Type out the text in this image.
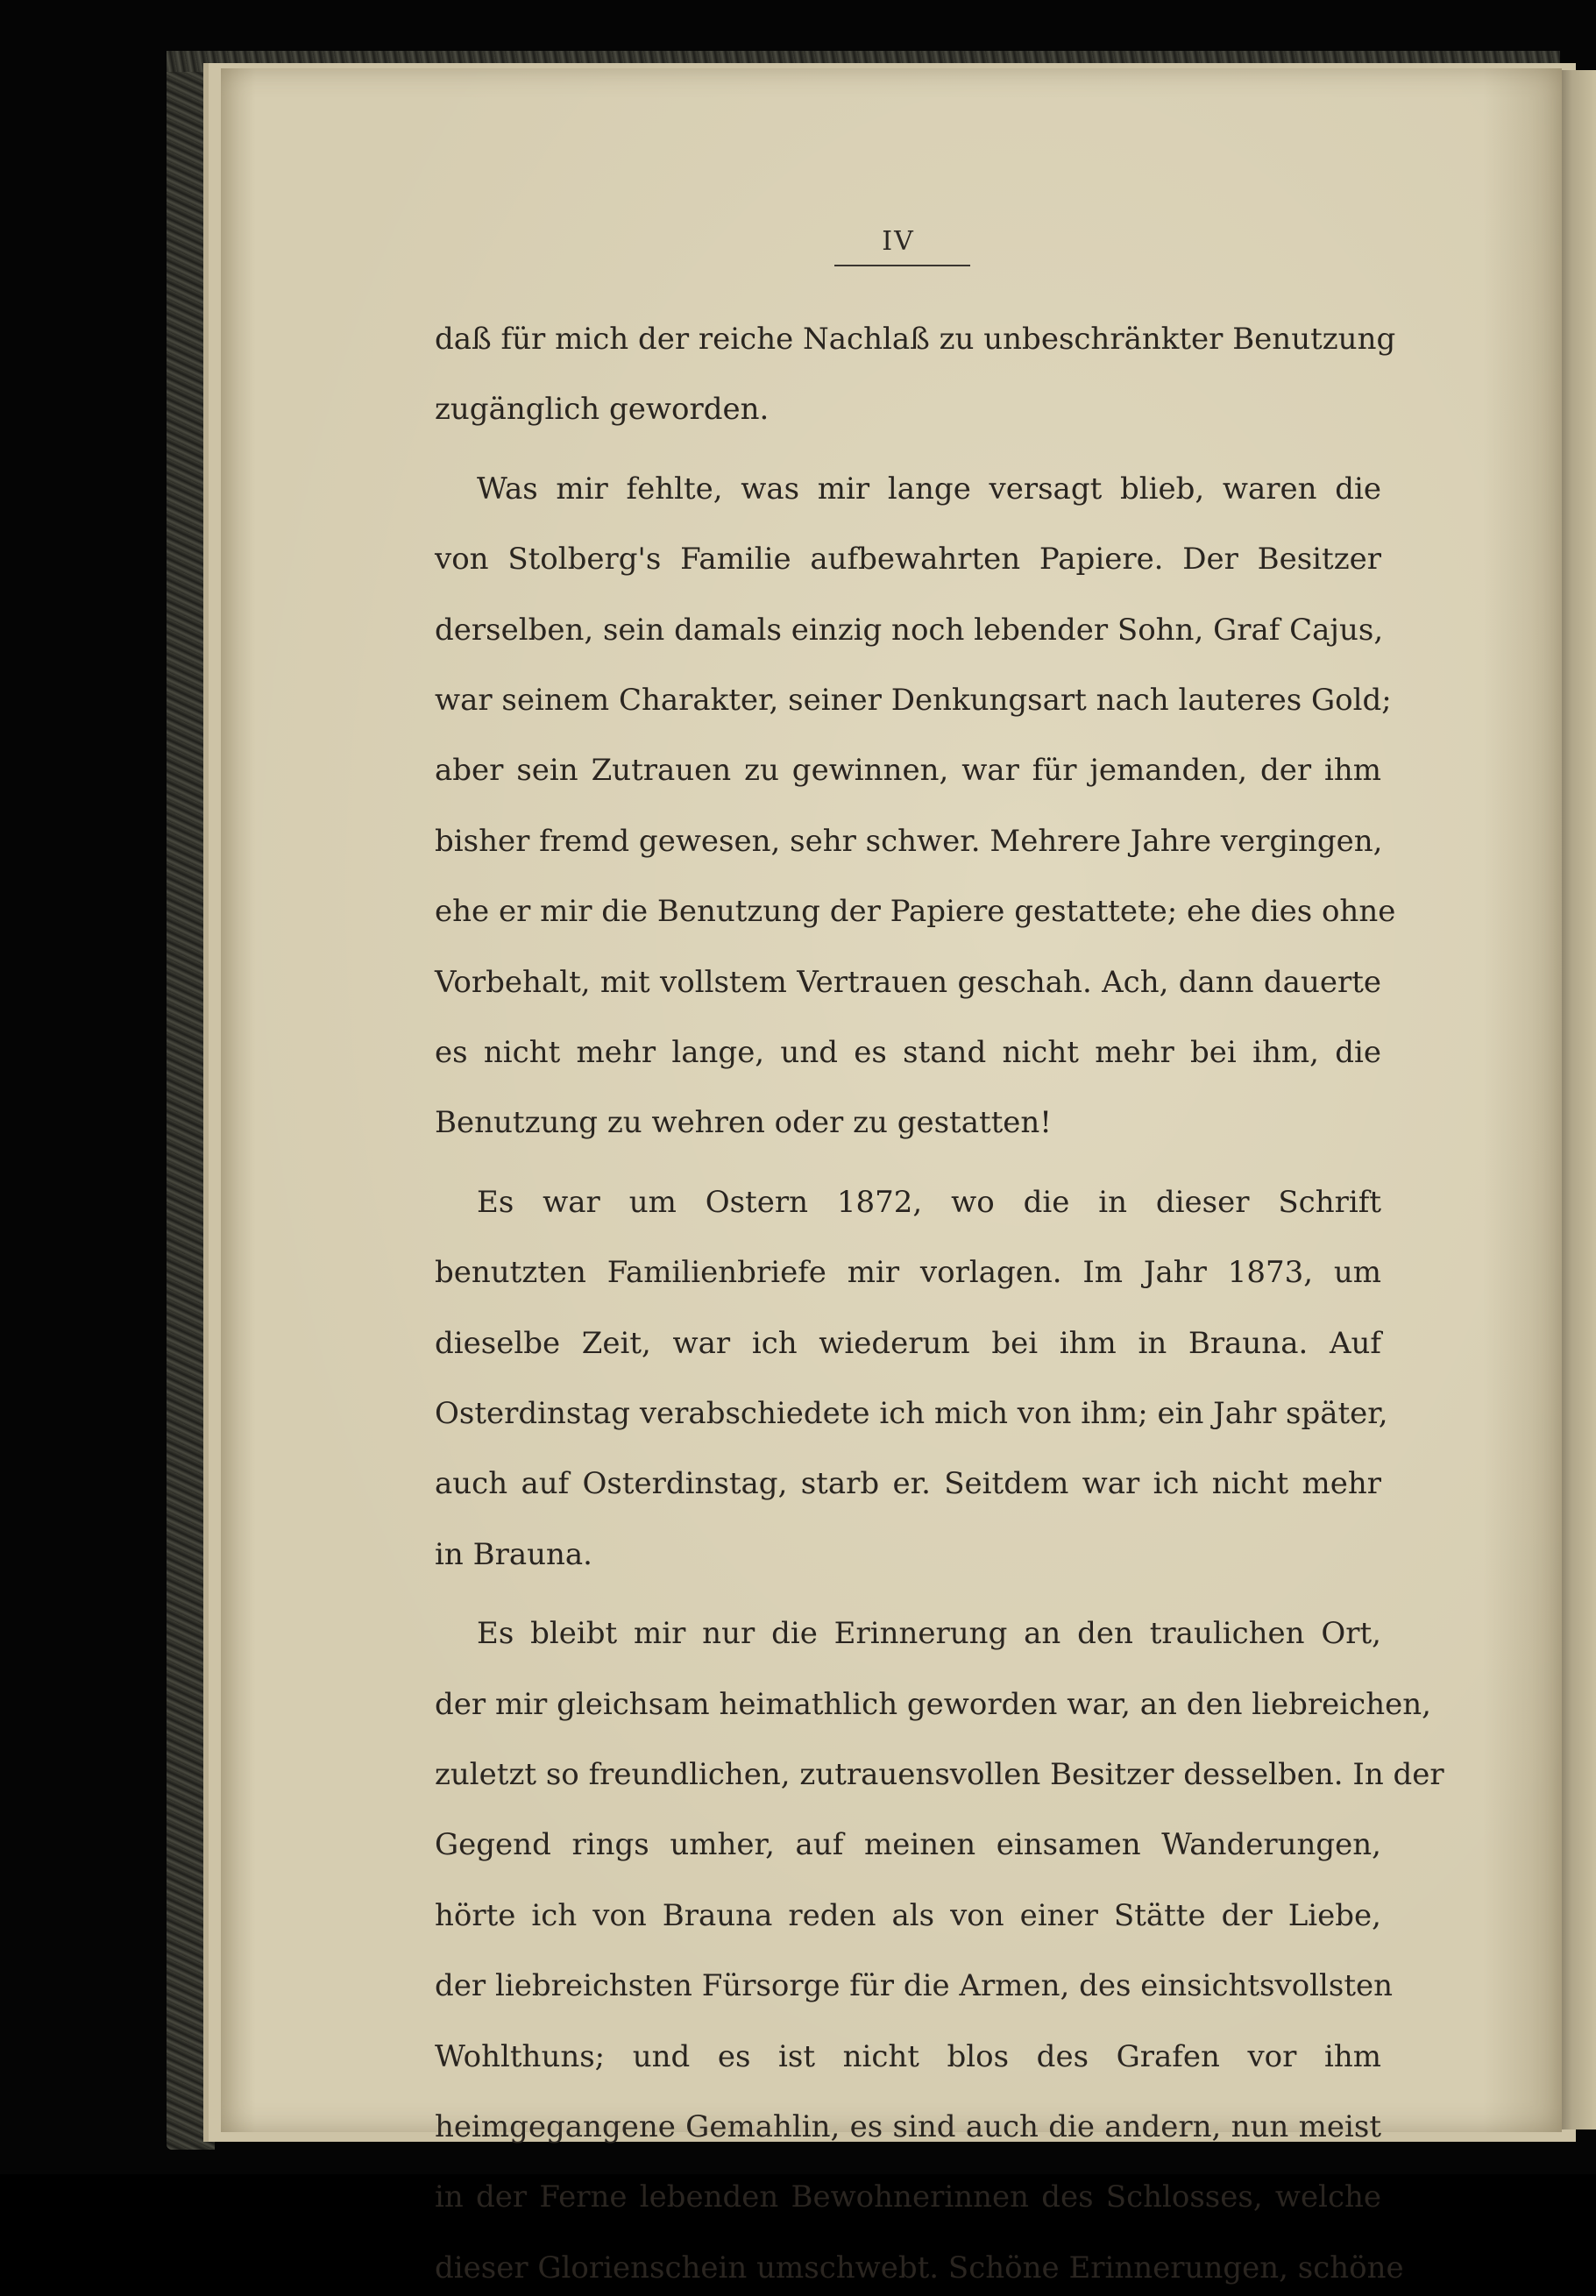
IV
daß für mich der reiche Nachlaß zu unbeschränkter Benutzung
zugänglich geworden.
Was mir fehlte, was mir lange versagt blieb, waren die
von Stolberg's Familie aufbewahrten Papiere. Der Besitzer
derselben, sein damals einzig noch lebender Sohn, Graf Cajus,
war seinem Charakter, seiner Denkungsart nach lauteres Gold;
aber sein Zutrauen zu gewinnen, war für jemanden, der ihm
bisher fremd gewesen, sehr schwer. Mehrere Jahre vergingen,
ehe er mir die Benutzung der Papiere gestattete; ehe dies ohne
Vorbehalt, mit vollstem Vertrauen geschah. Ach, dann dauerte
es nicht mehr lange, und es stand nicht mehr bei ihm, die
Benutzung zu wehren oder zu gestatten!
Es war um Ostern 1872, wo die in dieser Schrift
benutzten Familienbriefe mir vorlagen. Im Jahr 1873, um
dieselbe Zeit, war ich wiederum bei ihm in Brauna. Auf
Osterdinstag verabschiedete ich mich von ihm; ein Jahr später,
auch auf Osterdinstag, starb er. Seitdem war ich nicht mehr
in Brauna.
Es bleibt mir nur die Erinnerung an den traulichen Ort,
der mir gleichsam heimathlich geworden war, an den liebreichen,
zuletzt so freundlichen, zutrauensvollen Besitzer desselben. In der
Gegend rings umher, auf meinen einsamen Wanderungen,
hörte ich von Brauna reden als von einer Stätte der Liebe,
der liebreichsten Fürsorge für die Armen, des einsichtsvollsten
Wohlthuns; und es ist nicht blos des Grafen vor ihm
heimgegangene Gemahlin, es sind auch die andern, nun meist
in der Ferne lebenden Bewohnerinnen des Schlosses, welche
dieser Glorienschein umschwebt. Schöne Erinnerungen, schöne
